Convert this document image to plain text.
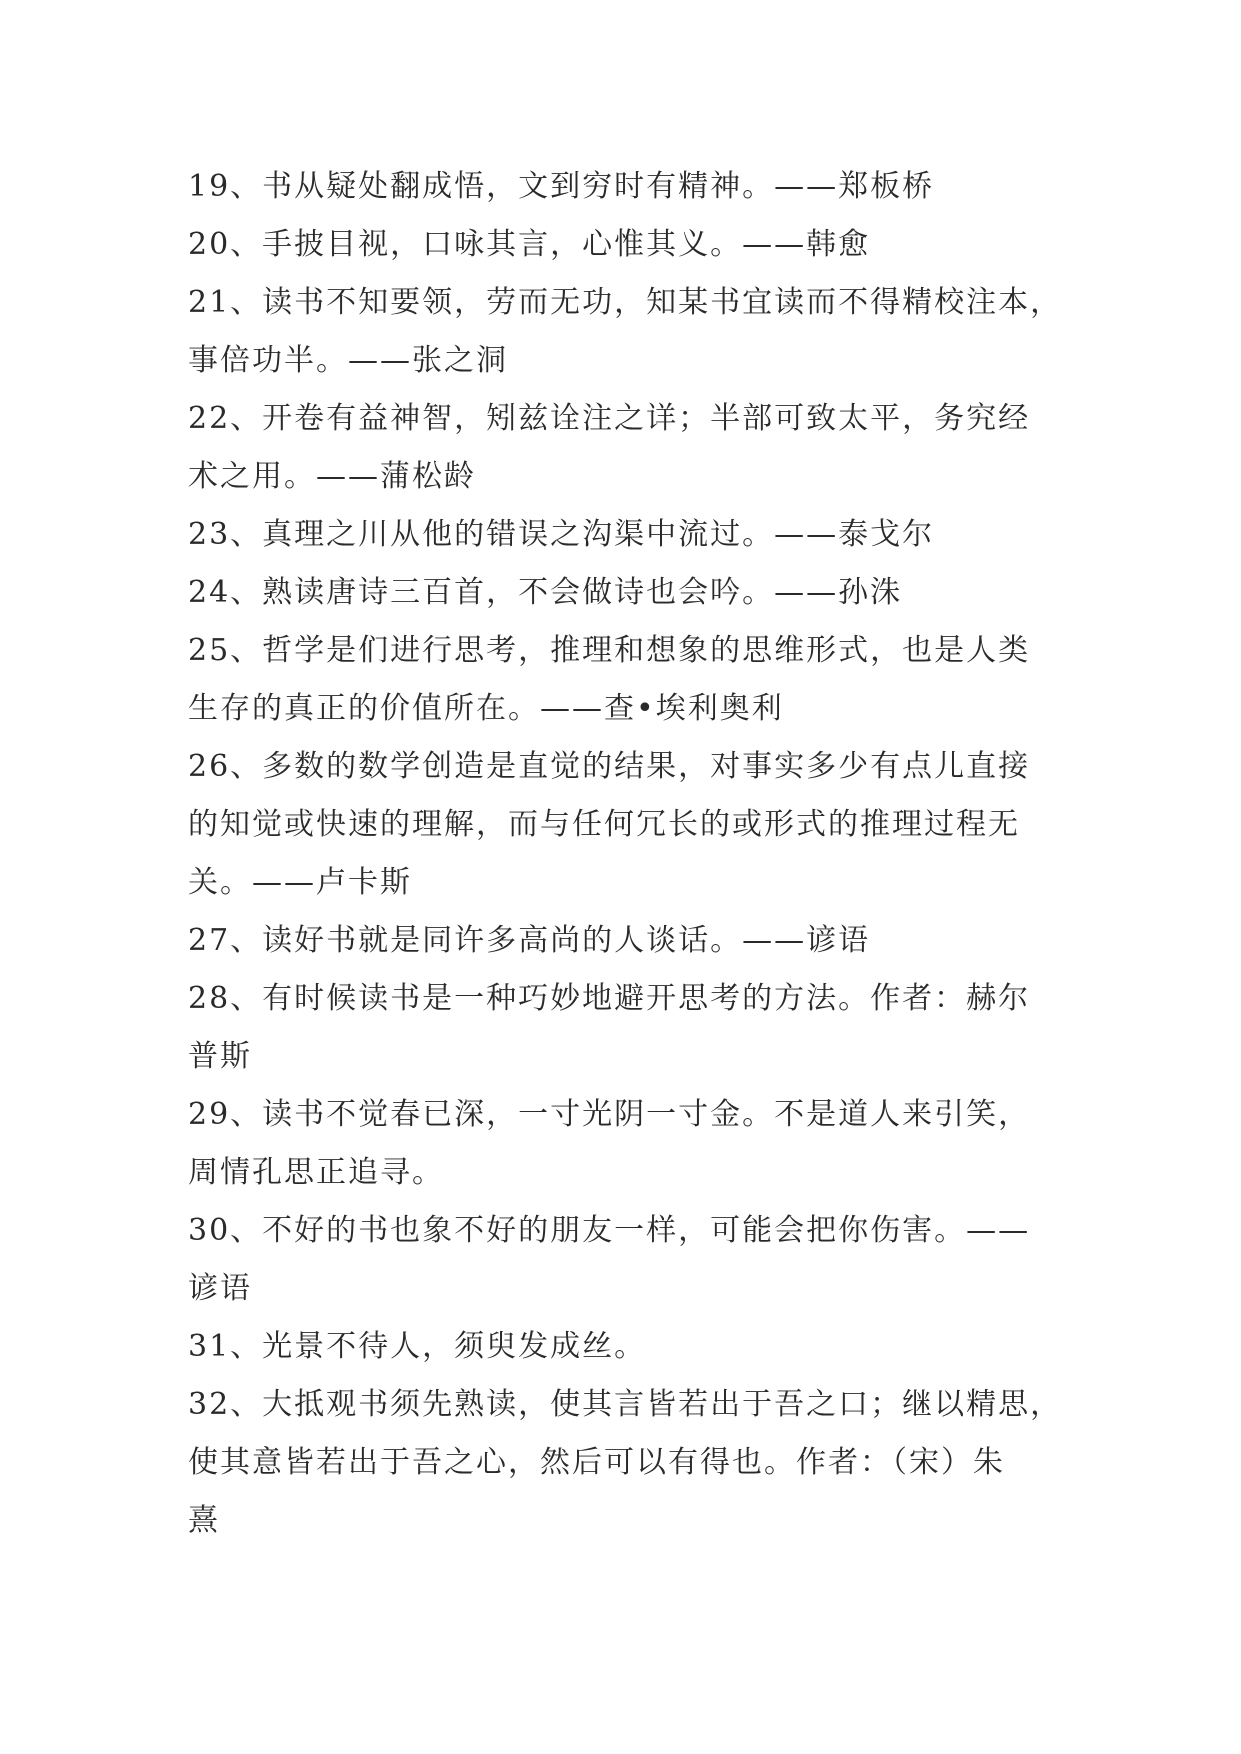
19、书从疑处翻成悟，文到穷时有精神。——郑板桥
20、手披目视，口咏其言，心惟其义。——韩愈
21、读书不知要领，劳而无功，知某书宜读而不得精校注本，
事倍功半。——张之洞
22、开卷有益神智，矧兹诠注之详；半部可致太平，务究经
术之用。——蒲松龄
23、真理之川从他的错误之沟渠中流过。——泰戈尔
24、熟读唐诗三百首，不会做诗也会吟。——孙洙
25、哲学是们进行思考，推理和想象的思维形式，也是人类
生存的真正的价值所在。——查•埃利奥利
26、多数的数学创造是直觉的结果，对事实多少有点儿直接
的知觉或快速的理解，而与任何冗长的或形式的推理过程无
关。——卢卡斯
27、读好书就是同许多高尚的人谈话。——谚语
28、有时候读书是一种巧妙地避开思考的方法。作者：赫尔
普斯
29、读书不觉春已深，一寸光阴一寸金。不是道人来引笑，
周情孔思正追寻。
30、不好的书也象不好的朋友一样，可能会把你伤害。——
谚语
31、光景不待人，须臾发成丝。
32、大抵观书须先熟读，使其言皆若出于吾之口；继以精思，
使其意皆若出于吾之心，然后可以有得也。作者：（宋）朱
熹
